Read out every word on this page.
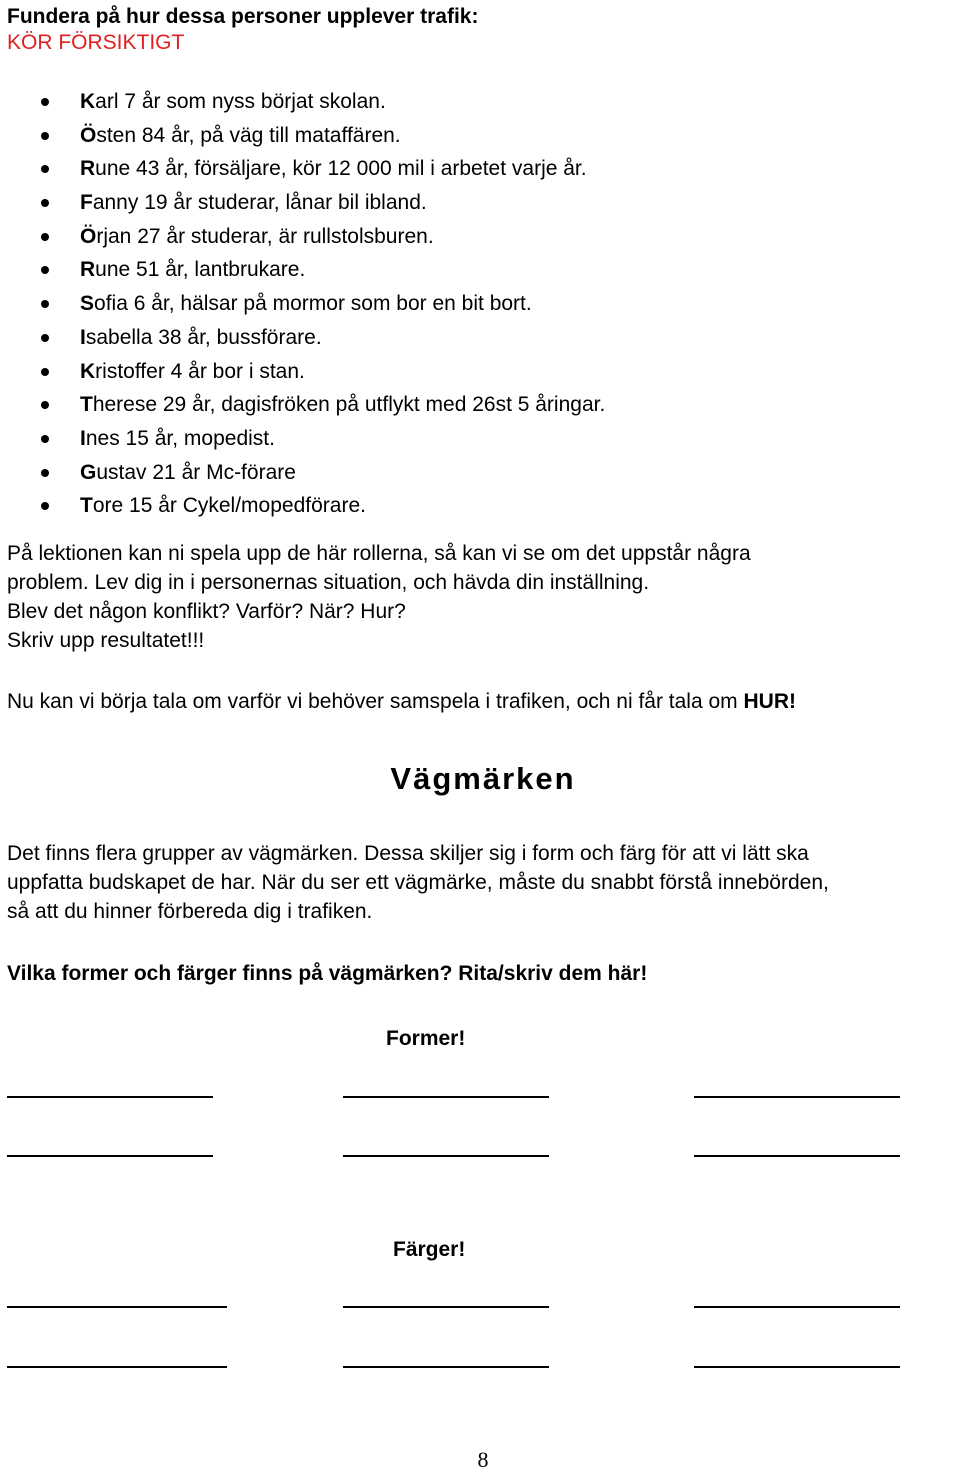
Fundera på hur dessa personer upplever trafik:
KÖR FÖRSIKTIGT
Karl 7 år som nyss börjat skolan.
Östen 84 år, på väg till mataffären.
Rune 43 år, försäljare, kör 12 000 mil i arbetet varje år.
Fanny 19 år studerar, lånar bil ibland.
Örjan 27 år studerar, är rullstolsburen.
Rune 51 år, lantbrukare.
Sofia 6 år, hälsar på mormor som bor en bit bort.
Isabella 38 år, bussförare.
Kristoffer 4 år bor i stan.
Therese 29 år, dagisfröken på utflykt med 26st 5 åringar.
Ines 15 år, mopedist.
Gustav 21 år Mc-förare
Tore 15 år Cykel/mopedförare.
På lektionen kan ni spela upp de här rollerna, så kan vi se om det uppstår några
problem. Lev dig in i personernas situation, och hävda din inställning.
Blev det någon konflikt? Varför? När? Hur?
Skriv upp resultatet!!!
Nu kan vi börja tala om varför vi behöver samspela i trafiken, och ni får tala om HUR!
Vägmärken
Det finns flera grupper av vägmärken. Dessa skiljer sig i form och färg för att vi lätt ska
uppfatta budskapet de har. När du ser ett vägmärke, måste du snabbt förstå innebörden,
så att du hinner förbereda dig i trafiken.
Vilka former och färger finns på vägmärken? Rita/skriv dem här!
Former!
Färger!
8
